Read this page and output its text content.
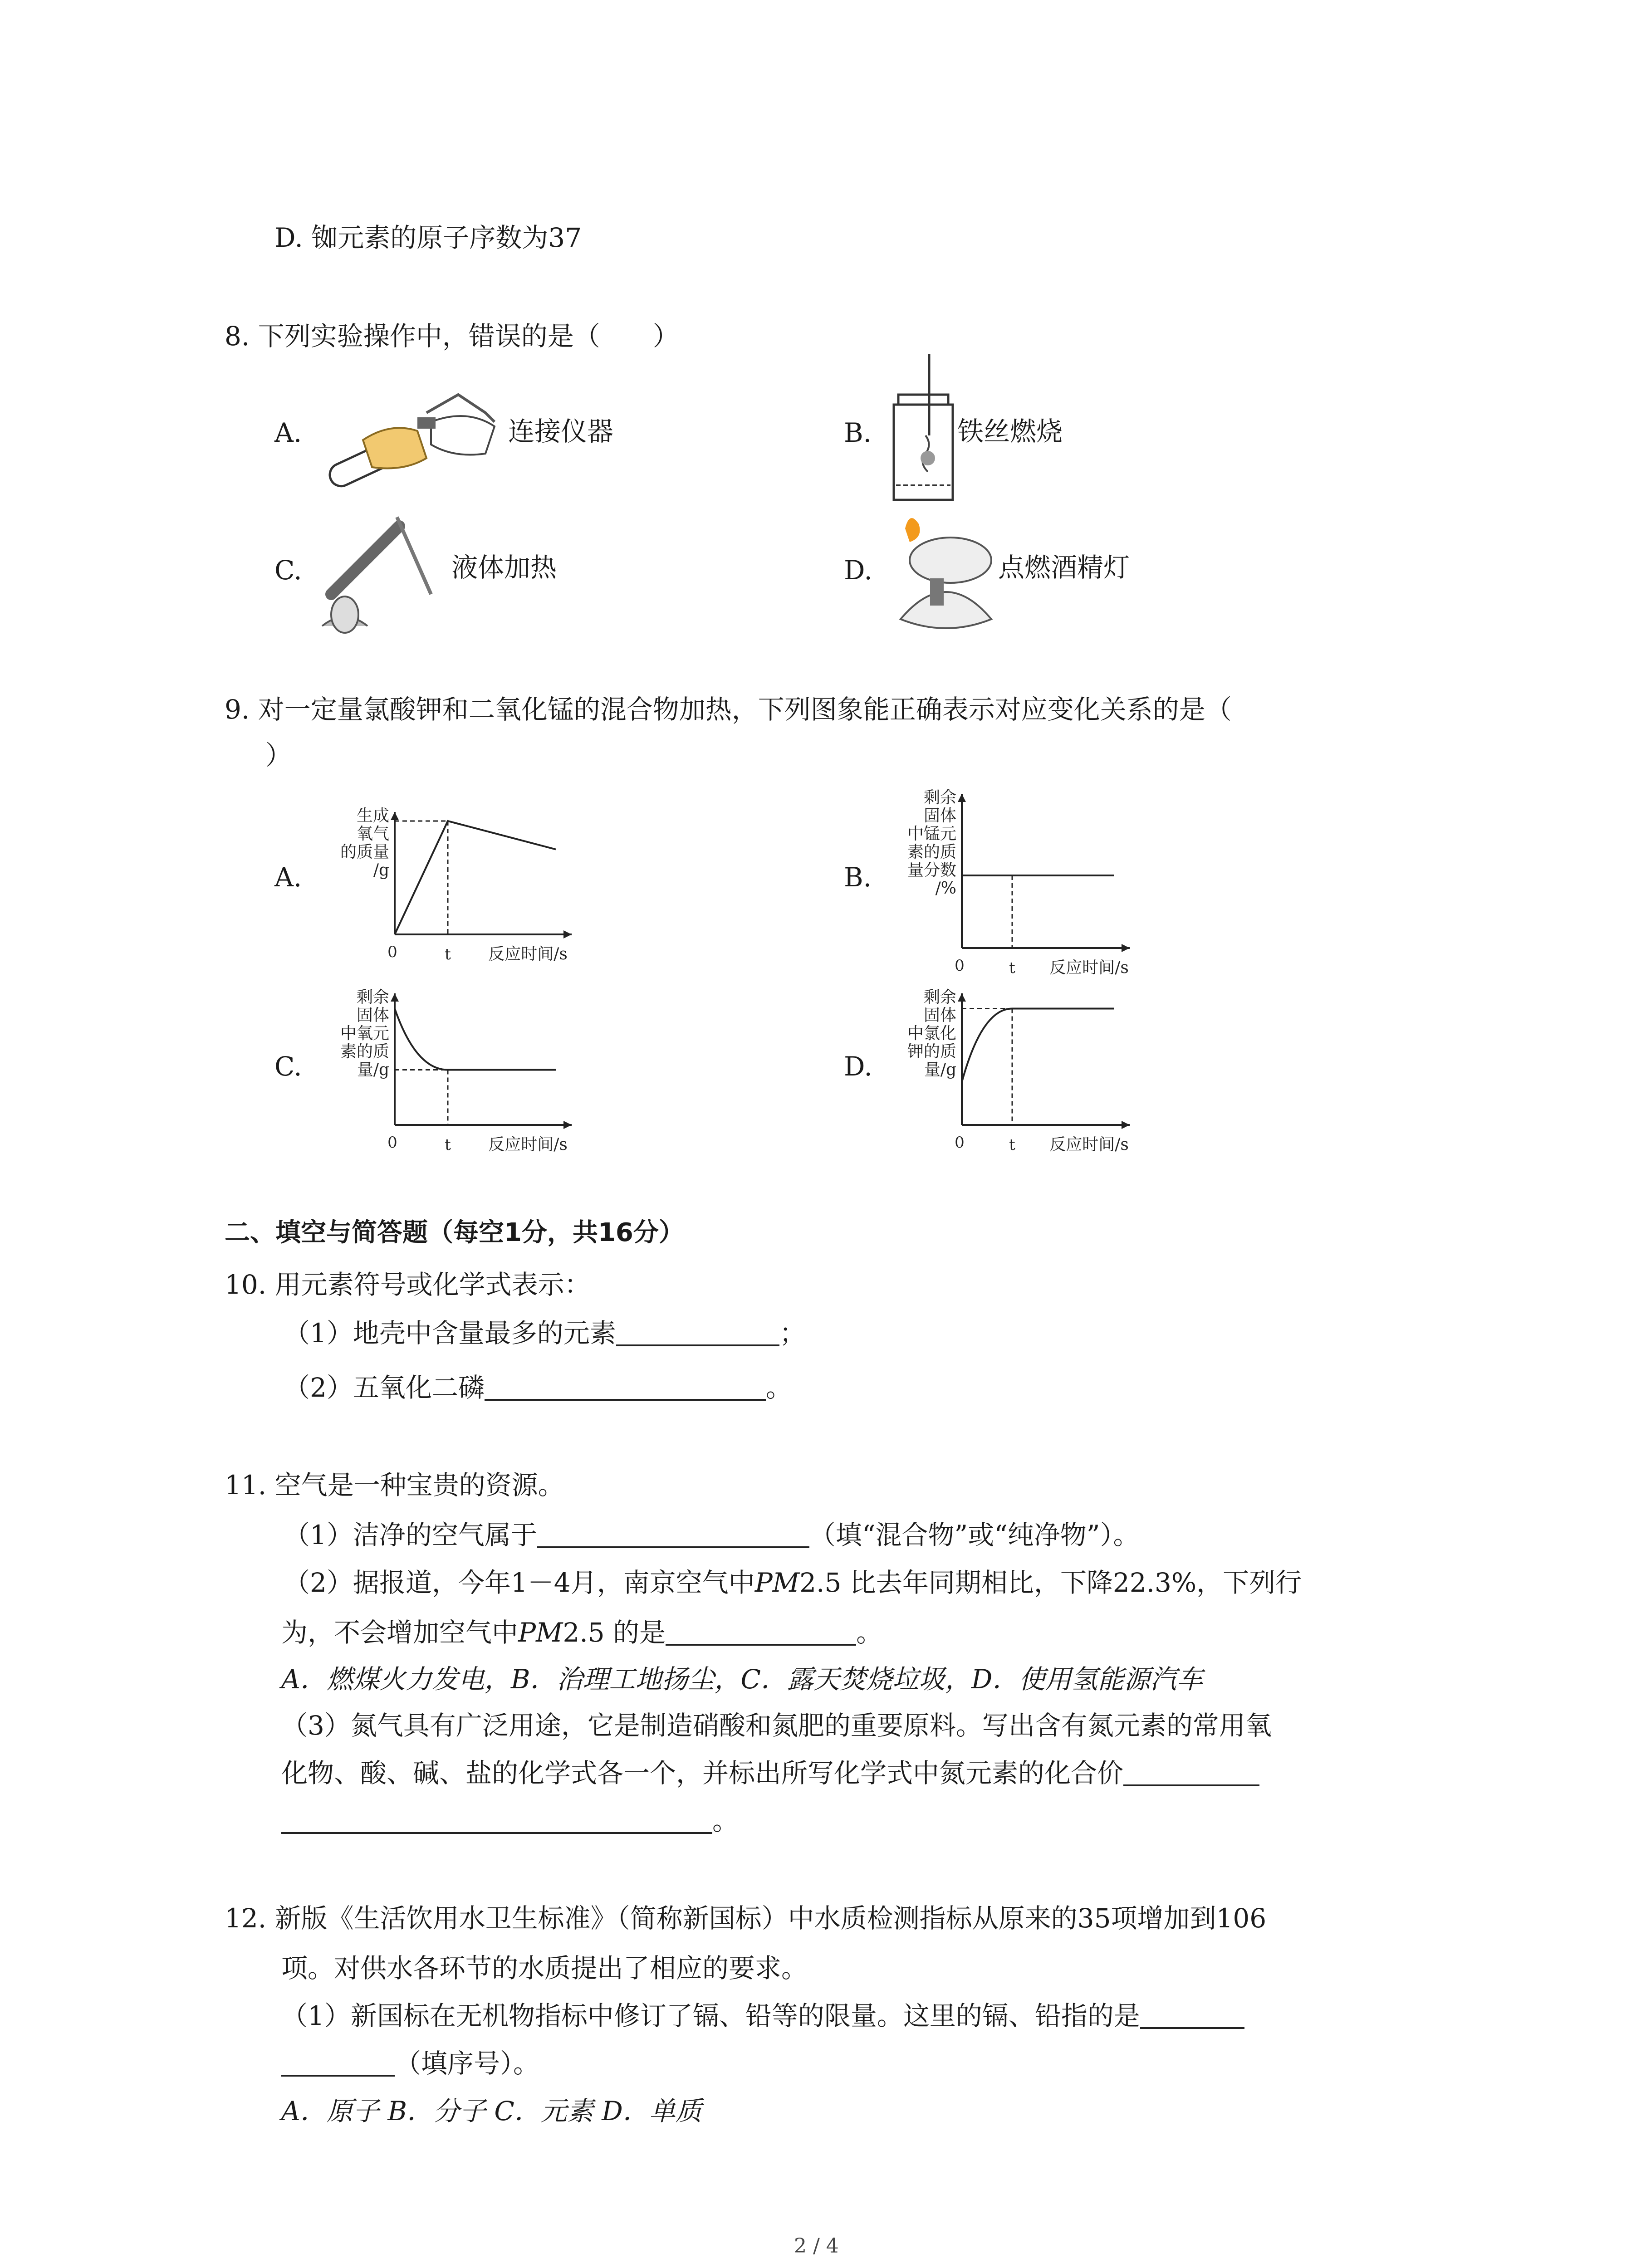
D. 铷元素的原子序数为37
8. 下列实验操作中，错误的是（　　）
A.	连接仪器	B.	铁丝燃烧
C.	液体加热	D.	点燃酒精灯
9. 对一定量氯酸钾和二氧化锰的混合物加热，下列图象能正确表示对应变化关系的是（
）
A.	B.
C.	D.
生成
氧气
的质量
/g
0	t 反应时间/s
剩余
固体
中锰元
素的质
量分数
/%
0	t 反应时间/s
剩余
固体
中氧元
素的质
量/g
0	t 反应时间/s
剩余
固体
中氯化
钾的质
量/g
0	t 反应时间/s
二、填空与简答题（每空1分，共16分）
10. 用元素符号或化学式表示：
（1）地壳中含量最多的元素	；
（2）五氧化二磷	。
11. 空气是一种宝贵的资源。
（1）洁净的空气属于	（填“混合物”或“纯净物”）。
（2）据报道，今年1－4月，南京空气中PM2.5 比去年同期相比，下降22.3%，下列行
为，不会增加空气中PM2.5 的是	。
A．燃煤火力发电，B．治理工地扬尘，C．露天焚烧垃圾，D．使用氢能源汽车
（3）氮气具有广泛用途，它是制造硝酸和氮肥的重要原料。写出含有氮元素的常用氧
化物、酸、碱、盐的化学式各一个，并标出所写化学式中氮元素的化合价
。
12. 新版《生活饮用水卫生标准》（简称新国标）中水质检测指标从原来的35项增加到106
项。对供水各环节的水质提出了相应的要求。
（1）新国标在无机物指标中修订了镉、铅等的限量。这里的镉、铅指的是
（填序号）。
A．原子 B．分子 C．元素 D．单质
2 / 4
